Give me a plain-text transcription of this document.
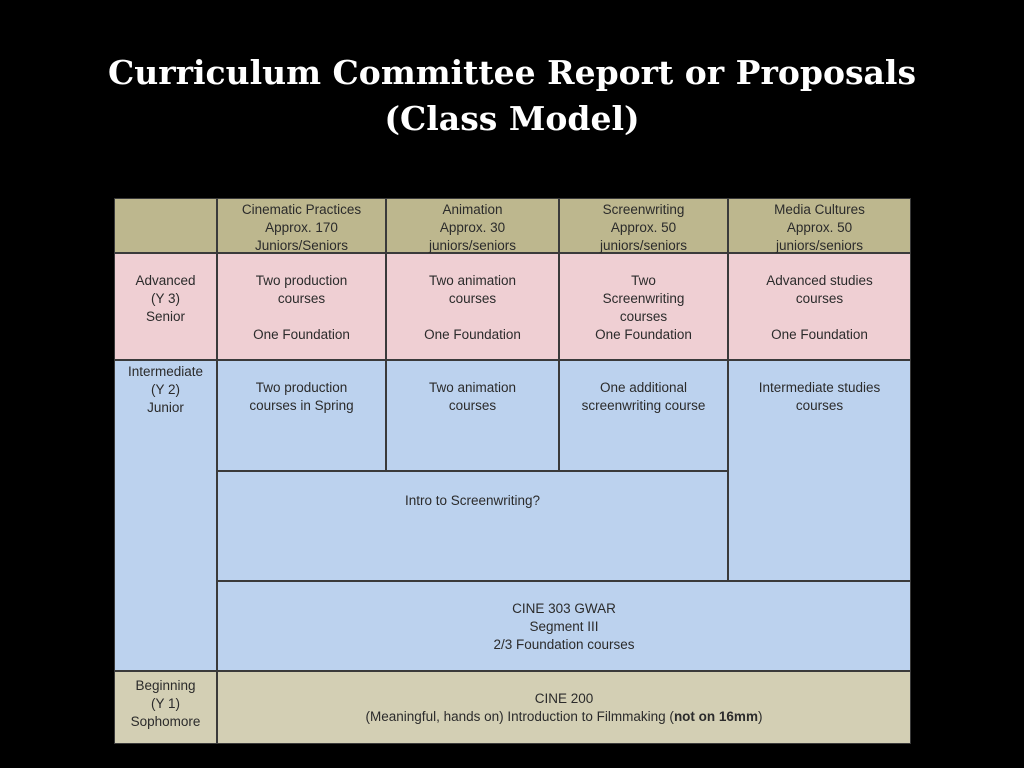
Curriculum Committee Report or Proposals
(Class Model)
Cinematic Practices
Approx. 170
Juniors/Seniors
Animation
Approx. 30
juniors/seniors
Screenwriting
Approx. 50
juniors/seniors
Media Cultures
Approx. 50
juniors/seniors
Advanced
(Y 3)
Senior
Two production
courses
One Foundation
Two animation
courses
One Foundation
Two
Screenwriting
courses
One Foundation
Advanced studies
courses
One Foundation
Intermediate
(Y 2)
Junior
Two production
courses in Spring
Two animation
courses
One additional
screenwriting course
Intermediate studies
courses
Intro to Screenwriting?
CINE 303 GWAR
Segment III
2/3 Foundation courses
Beginning
(Y 1)
Sophomore
CINE 200
(Meaningful, hands on) Introduction to Filmmaking (not on 16mm)
